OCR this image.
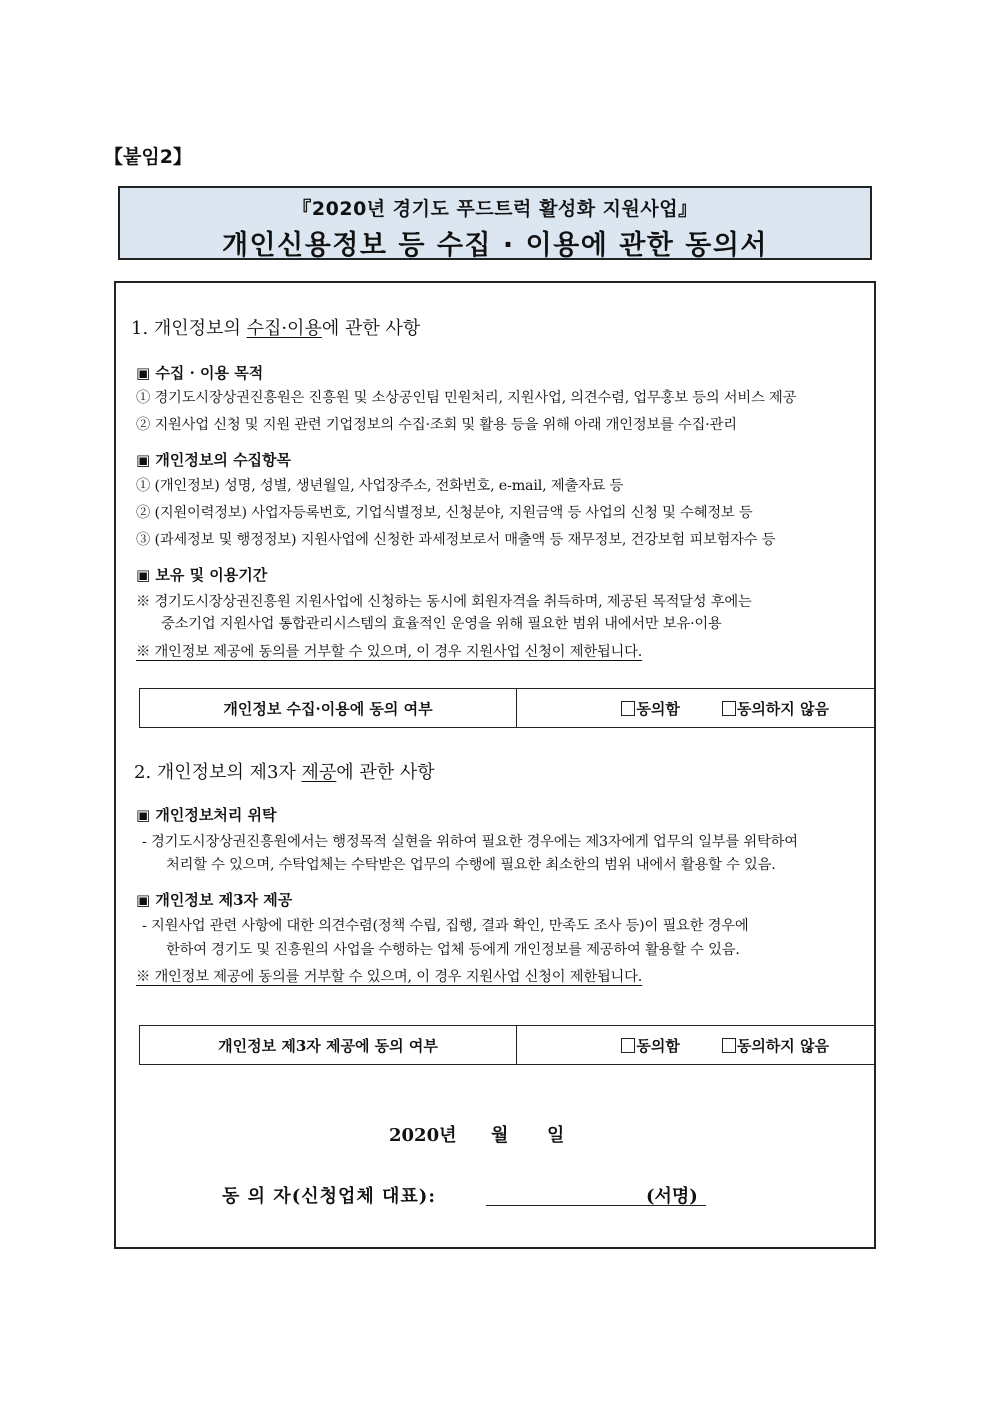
【붙임2】
『2020년 경기도 푸드트럭 활성화 지원사업』
개인신용정보 등 수집 · 이용에 관한 동의서
1. 개인정보의 수집·이용에 관한 사항
▣ 수집 · 이용 목적
① 경기도시장상권진흥원은 진흥원 및 소상공인팀 민원처리, 지원사업, 의견수렴, 업무홍보 등의 서비스 제공
② 지원사업 신청 및 지원 관련 기업정보의 수집·조회 및 활용 등을 위해 아래 개인정보를 수집·관리
▣ 개인정보의 수집항목
① (개인정보) 성명, 성별, 생년월일, 사업장주소, 전화번호, e-mail, 제출자료 등
② (지원이력정보) 사업자등록번호, 기업식별정보, 신청분야, 지원금액 등 사업의 신청 및 수혜정보 등
③ (과세정보 및 행정정보) 지원사업에 신청한 과세정보로서 매출액 등 재무정보, 건강보험 피보험자수 등
▣ 보유 및 이용기간
※ 경기도시장상권진흥원 지원사업에 신청하는 동시에 회원자격을 취득하며, 제공된 목적달성 후에는
중소기업 지원사업 통합관리시스템의 효율적인 운영을 위해 필요한 범위 내에서만 보유·이용
※ 개인정보 제공에 동의를 거부할 수 있으며, 이 경우 지원사업 신청이 제한됩니다.
개인정보 수집·이용에 동의 여부	동의함	동의하지 않음
2. 개인정보의 제3자 제공에 관한 사항
▣ 개인정보처리 위탁
- 경기도시장상권진흥원에서는 행정목적 실현을 위하여 필요한 경우에는 제3자에게 업무의 일부를 위탁하여
처리할 수 있으며, 수탁업체는 수탁받은 업무의 수행에 필요한 최소한의 범위 내에서 활용할 수 있음.
▣ 개인정보 제3자 제공
- 지원사업 관련 사항에 대한 의견수렴(정책 수립, 집행, 결과 확인, 만족도 조사 등)이 필요한 경우에
한하여 경기도 및 진흥원의 사업을 수행하는 업체 등에게 개인정보를 제공하여 활용할 수 있음.
※ 개인정보 제공에 동의를 거부할 수 있으며, 이 경우 지원사업 신청이 제한됩니다.
개인정보 제3자 제공에 동의 여부	동의함	동의하지 않음
2020년 월 일
동 의 자(신청업체 대표):	(서명)
